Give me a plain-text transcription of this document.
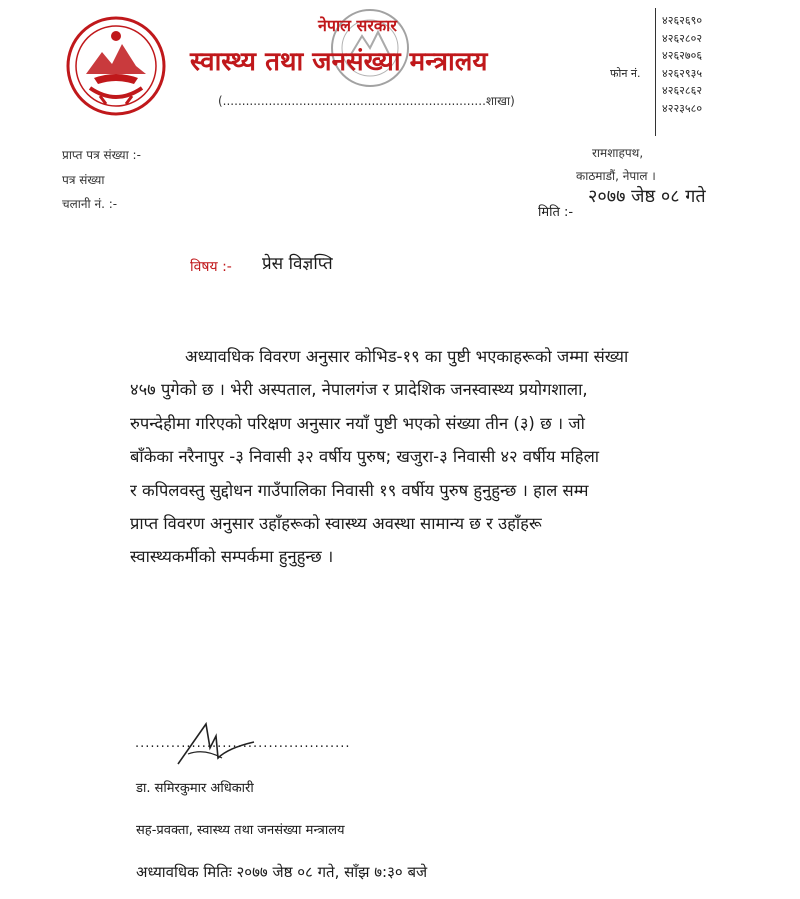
नेपाल सरकार
स्वास्थ्य तथा जनसंख्या मन्त्रालय
(.....................................................................शाखा)
फोन नं.
४२६२६९०
४२६२८०२
४२६२७०६
४२६२९३५
४२६२८६२
४२२३५८०
प्राप्त पत्र संख्या :-
पत्र संख्या
चलानी नं. :-
रामशाहपथ,
काठमाडौं, नेपाल ।
मिति :-
२०७७ जेष्ठ ०८ गते
विषय :- प्रेस विज्ञप्ति
अध्यावधिक विवरण अनुसार कोभिड-१९ का पुष्टी भएकाहरूको जम्मा संख्या
४५७ पुगेको छ । भेरी अस्पताल, नेपालगंज र प्रादेशिक जनस्वास्थ्य प्रयोगशाला,
रुपन्देहीमा गरिएको परिक्षण अनुसार नयाँ पुष्टी भएको संख्या तीन (३) छ । जो
बाँकेका नरैनापुर -३ निवासी ३२ वर्षीय पुरुष; खजुरा-३ निवासी ४२ वर्षीय महिला
र कपिलवस्तु सुद्दोधन गाउँपालिका निवासी १९ वर्षीय पुरुष हुनुहुन्छ । हाल सम्म
प्राप्त विवरण अनुसार उहाँहरूको स्वास्थ्य अवस्था सामान्य छ र उहाँहरू
स्वास्थ्यकर्मीको सम्पर्कमा हुनुहुन्छ ।
..........................................
डा. समिरकुमार अधिकारी
सह-प्रवक्ता, स्वास्थ्य तथा जनसंख्या मन्त्रालय
अध्यावधिक मितिः २०७७ जेष्ठ ०८ गते, साँझ ७:३० बजे
